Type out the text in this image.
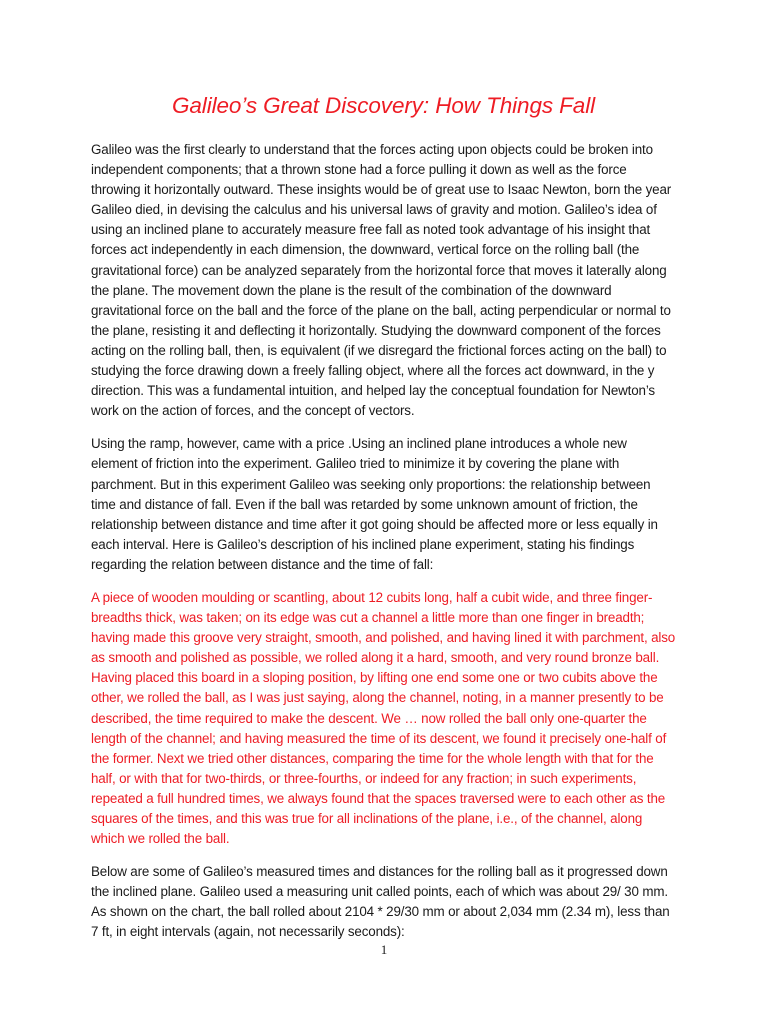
Galileo’s Great Discovery: How Things Fall

Galileo was the first clearly to understand that the forces acting upon objects could be broken into independent components; that a thrown stone had a force pulling it down as well as the force throwing it horizontally outward. These insights would be of great use to Isaac Newton, born the year Galileo died, in devising the calculus and his universal laws of gravity and motion. Galileo’s idea of using an inclined plane to accurately measure free fall as noted took advantage of his insight that forces act independently in each dimension, the downward, vertical force on the rolling ball (the gravitational force) can be analyzed separately from the horizontal force that moves it laterally along the plane. The movement down the plane is the result of the combination of the downward gravitational force on the ball and the force of the plane on the ball, acting perpendicular or normal to the plane, resisting it and deflecting it horizontally. Studying the downward component of the forces acting on the rolling ball, then, is equivalent (if we disregard the frictional forces acting on the ball) to studying the force drawing down a freely falling object, where all the forces act downward, in the y direction. This was a fundamental intuition, and helped lay the conceptual foundation for Newton’s work on the action of forces, and the concept of vectors.

Using the ramp, however, came with a price .Using an inclined plane introduces a whole new element of friction into the experiment. Galileo tried to minimize it by covering the plane with parchment. But in this experiment Galileo was seeking only proportions: the relationship between time and distance of fall. Even if the ball was retarded by some unknown amount of friction, the relationship between distance and time after it got going should be affected more or less equally in each interval. Here is Galileo’s description of his inclined plane experiment, stating his findings regarding the relation between distance and the time of fall:

A piece of wooden moulding or scantling, about 12 cubits long, half a cubit wide, and three finger-breadths thick, was taken; on its edge was cut a channel a little more than one finger in breadth; having made this groove very straight, smooth, and polished, and having lined it with parchment, also as smooth and polished as possible, we rolled along it a hard, smooth, and very round bronze ball. Having placed this board in a sloping position, by lifting one end some one or two cubits above the other, we rolled the ball, as I was just saying, along the channel, noting, in a manner presently to be described, the time required to make the descent. We … now rolled the ball only one-quarter the length of the channel; and having measured the time of its descent, we found it precisely one-half of the former. Next we tried other distances, comparing the time for the whole length with that for the half, or with that for two-thirds, or three-fourths, or indeed for any fraction; in such experiments, repeated a full hundred times, we always found that the spaces traversed were to each other as the squares of the times, and this was true for all inclinations of the plane, i.e., of the channel, along which we rolled the ball.

Below are some of Galileo’s measured times and distances for the rolling ball as it progressed down the inclined plane. Galileo used a measuring unit called points, each of which was about 29/ 30 mm. As shown on the chart, the ball rolled about 2104 * 29/30 mm or about 2,034 mm (2.34 m), less than 7 ft, in eight intervals (again, not necessarily seconds):

1
